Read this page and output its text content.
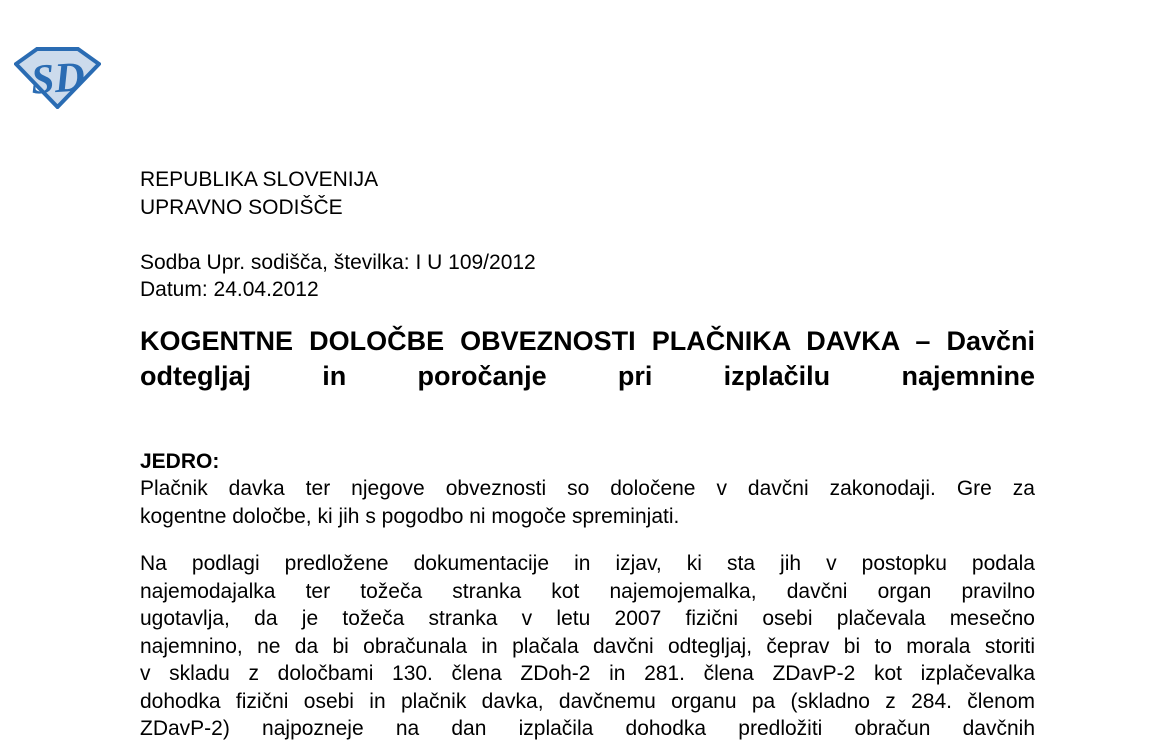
SD
REPUBLIKA SLOVENIJA
UPRAVNO SODIŠČE
Sodba Upr. sodišča, številka: I U 109/2012
Datum: 24.04.2012
KOGENTNE DOLOČBE OBVEZNOSTI PLAČNIKA DAVKA – Davčni
odtegljaj in poročanje pri izplačilu najemnine
JEDRO:
Plačnik davka ter njegove obveznosti so določene v davčni zakonodaji. Gre za
kogentne določbe, ki jih s pogodbo ni mogoče spreminjati.
Na podlagi predložene dokumentacije in izjav, ki sta jih v postopku podala
najemodajalka ter tožeča stranka kot najemojemalka, davčni organ pravilno
ugotavlja, da je tožeča stranka v letu 2007 fizični osebi plačevala mesečno
najemnino, ne da bi obračunala in plačala davčni odtegljaj, čeprav bi to morala storiti
v skladu z določbami 130. člena ZDoh-2 in 281. člena ZDavP-2 kot izplačevalka
dohodka fizični osebi in plačnik davka, davčnemu organu pa (skladno z 284. členom
ZDavP-2) najpozneje na dan izplačila dohodka predložiti obračun davčnih
